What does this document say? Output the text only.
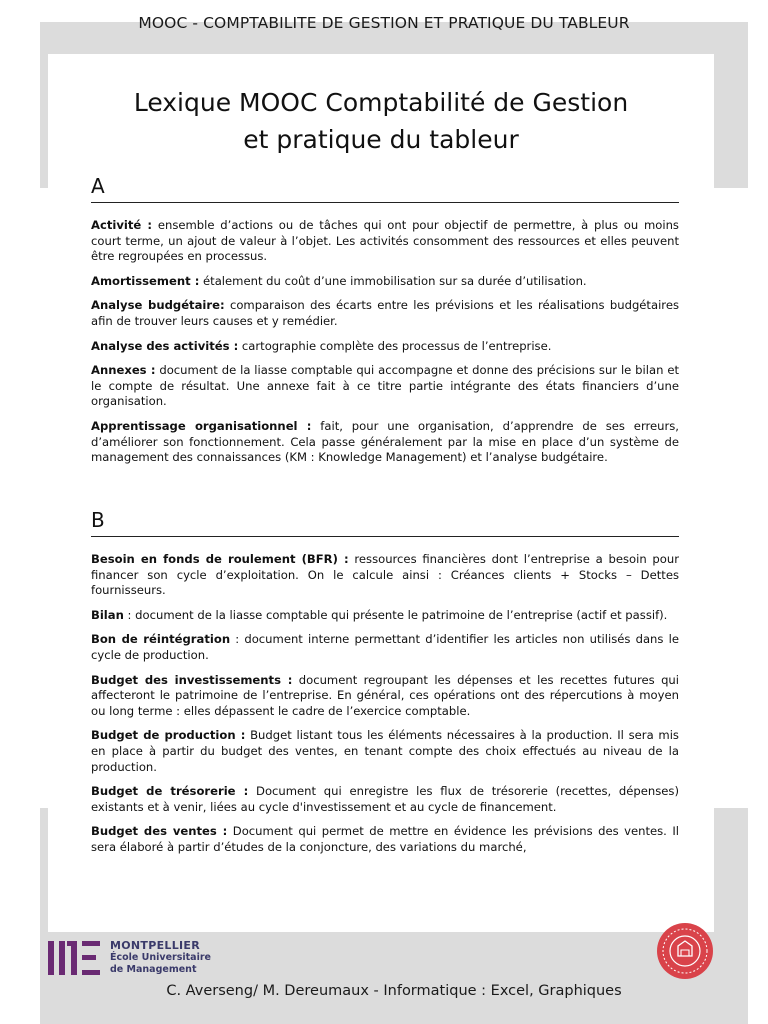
MOOC - COMPTABILITE DE GESTION ET PRATIQUE DU TABLEUR
Lexique MOOC Comptabilité de Gestion
et pratique du tableur
A

Activité : ensemble d’actions ou de tâches qui ont pour objectif de permettre, à plus ou moins court terme, un ajout de valeur à l’objet. Les activités consomment des ressources et elles peuvent être regroupées en processus.

Amortissement : étalement du coût d’une immobilisation sur sa durée d’utilisation.

Analyse budgétaire: comparaison des écarts entre les prévisions et les réalisations budgétaires afin de trouver leurs causes et y remédier.

Analyse des activités : cartographie complète des processus de l’entreprise.

Annexes : document de la liasse comptable qui accompagne et donne des précisions sur le bilan et le compte de résultat. Une annexe fait à ce titre partie intégrante des états financiers d’une organisation.

Apprentissage organisationnel : fait, pour une organisation, d’apprendre de ses erreurs, d’améliorer son fonctionnement. Cela passe généralement par la mise en place d’un système de management des connaissances (KM : Knowledge Management) et l’analyse budgétaire.

B

Besoin en fonds de roulement (BFR) : ressources financières dont l’entreprise a besoin pour financer son cycle d’exploitation. On le calcule ainsi : Créances clients + Stocks – Dettes fournisseurs.

Bilan : document de la liasse comptable qui présente le patrimoine de l’entreprise (actif et passif).

Bon de réintégration : document interne permettant d’identifier les articles non utilisés dans le cycle de production.

Budget des investissements : document regroupant les dépenses et les recettes futures qui affecteront le patrimoine de l’entreprise. En général, ces opérations ont des répercutions à moyen ou long terme : elles dépassent le cadre de l’exercice comptable.

Budget de production : Budget listant tous les éléments nécessaires à la production. Il sera mis en place à partir du budget des ventes, en tenant compte des choix effectués au niveau de la production.

Budget de trésorerie : Document qui enregistre les flux de trésorerie (recettes, dépenses) existants et à venir, liées au cycle d'investissement et au cycle de financement.

Budget des ventes : Document qui permet de mettre en évidence les prévisions des ventes. Il sera élaboré à partir d’études de la conjoncture, des variations du marché,

MONTPELLIER
École Universitaire
de Management
C. Averseng/ M. Dereumaux - Informatique : Excel, Graphiques
